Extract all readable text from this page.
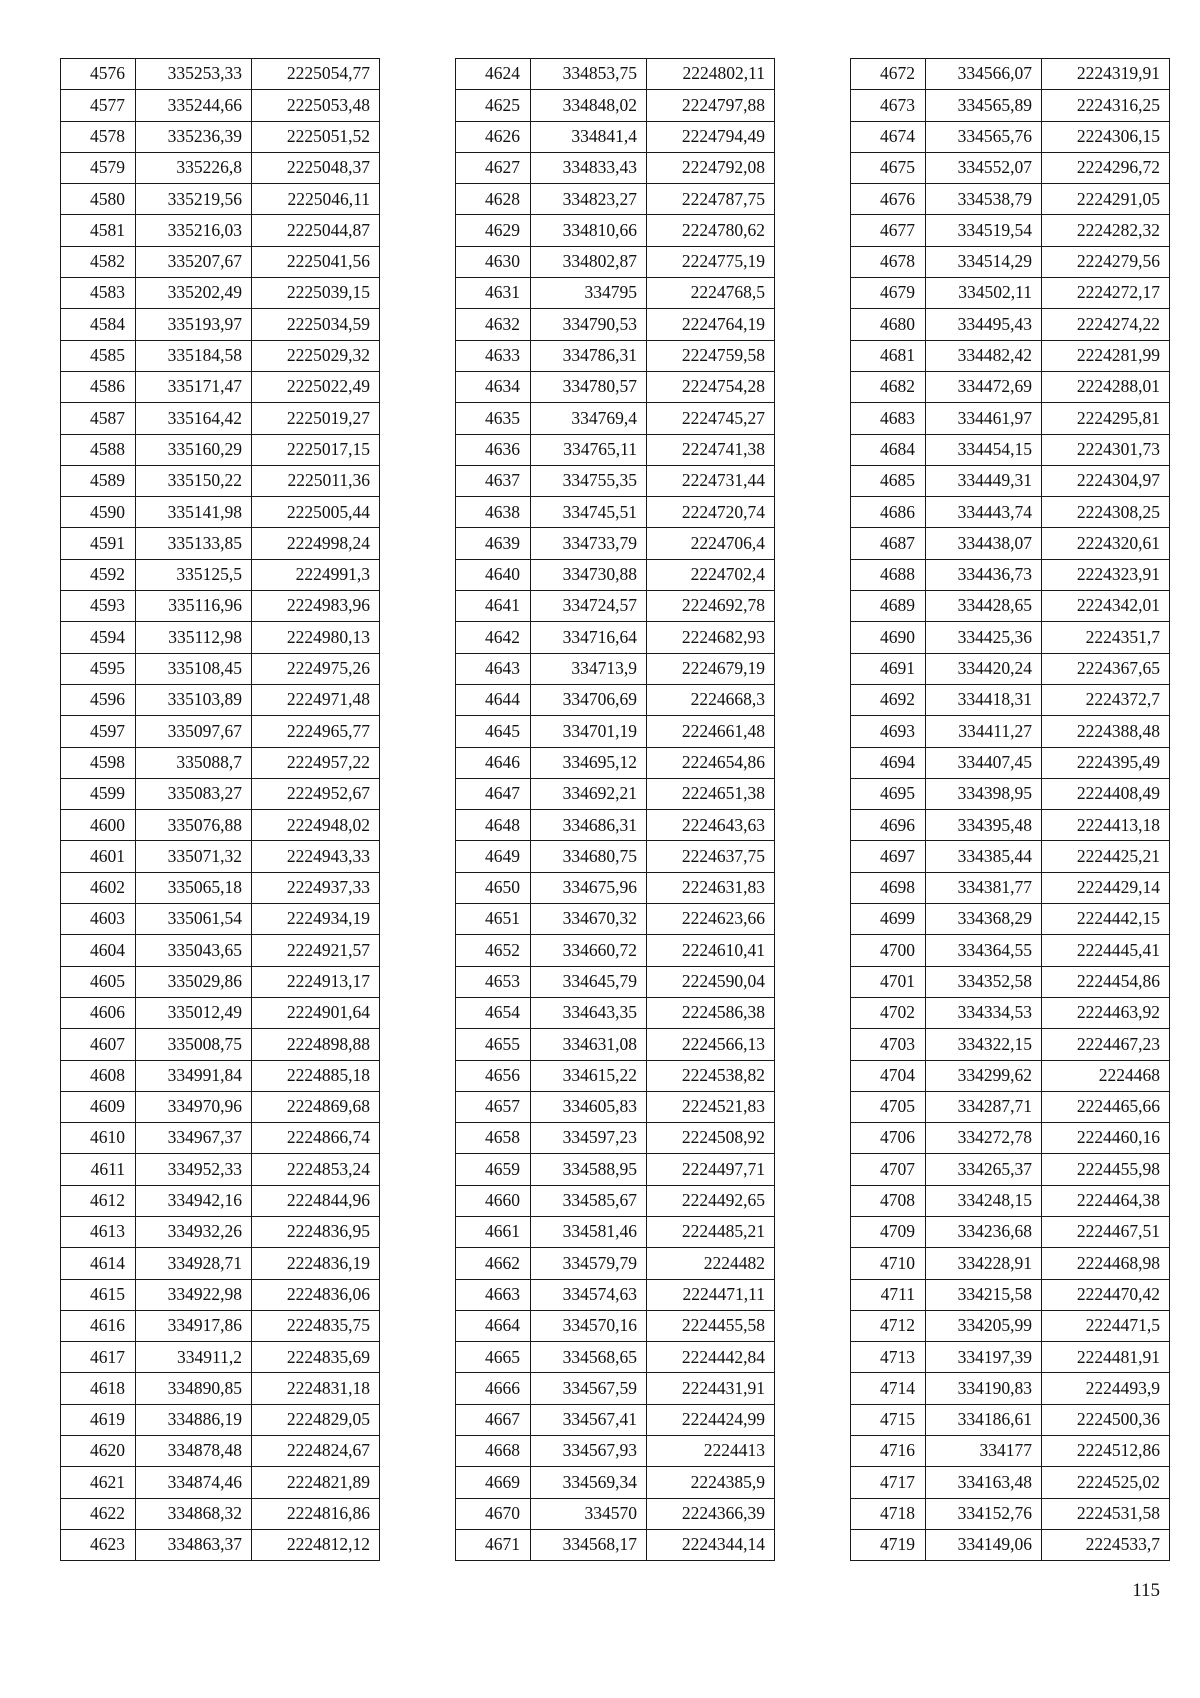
4576	335253,33	2225054,77
4577	335244,66	2225053,48
4578	335236,39	2225051,52
4579	335226,8	2225048,37
4580	335219,56	2225046,11
4581	335216,03	2225044,87
4582	335207,67	2225041,56
4583	335202,49	2225039,15
4584	335193,97	2225034,59
4585	335184,58	2225029,32
4586	335171,47	2225022,49
4587	335164,42	2225019,27
4588	335160,29	2225017,15
4589	335150,22	2225011,36
4590	335141,98	2225005,44
4591	335133,85	2224998,24
4592	335125,5	2224991,3
4593	335116,96	2224983,96
4594	335112,98	2224980,13
4595	335108,45	2224975,26
4596	335103,89	2224971,48
4597	335097,67	2224965,77
4598	335088,7	2224957,22
4599	335083,27	2224952,67
4600	335076,88	2224948,02
4601	335071,32	2224943,33
4602	335065,18	2224937,33
4603	335061,54	2224934,19
4604	335043,65	2224921,57
4605	335029,86	2224913,17
4606	335012,49	2224901,64
4607	335008,75	2224898,88
4608	334991,84	2224885,18
4609	334970,96	2224869,68
4610	334967,37	2224866,74
4611	334952,33	2224853,24
4612	334942,16	2224844,96
4613	334932,26	2224836,95
4614	334928,71	2224836,19
4615	334922,98	2224836,06
4616	334917,86	2224835,75
4617	334911,2	2224835,69
4618	334890,85	2224831,18
4619	334886,19	2224829,05
4620	334878,48	2224824,67
4621	334874,46	2224821,89
4622	334868,32	2224816,86
4623	334863,37	2224812,12
4624	334853,75	2224802,11
4625	334848,02	2224797,88
4626	334841,4	2224794,49
4627	334833,43	2224792,08
4628	334823,27	2224787,75
4629	334810,66	2224780,62
4630	334802,87	2224775,19
4631	334795	2224768,5
4632	334790,53	2224764,19
4633	334786,31	2224759,58
4634	334780,57	2224754,28
4635	334769,4	2224745,27
4636	334765,11	2224741,38
4637	334755,35	2224731,44
4638	334745,51	2224720,74
4639	334733,79	2224706,4
4640	334730,88	2224702,4
4641	334724,57	2224692,78
4642	334716,64	2224682,93
4643	334713,9	2224679,19
4644	334706,69	2224668,3
4645	334701,19	2224661,48
4646	334695,12	2224654,86
4647	334692,21	2224651,38
4648	334686,31	2224643,63
4649	334680,75	2224637,75
4650	334675,96	2224631,83
4651	334670,32	2224623,66
4652	334660,72	2224610,41
4653	334645,79	2224590,04
4654	334643,35	2224586,38
4655	334631,08	2224566,13
4656	334615,22	2224538,82
4657	334605,83	2224521,83
4658	334597,23	2224508,92
4659	334588,95	2224497,71
4660	334585,67	2224492,65
4661	334581,46	2224485,21
4662	334579,79	2224482
4663	334574,63	2224471,11
4664	334570,16	2224455,58
4665	334568,65	2224442,84
4666	334567,59	2224431,91
4667	334567,41	2224424,99
4668	334567,93	2224413
4669	334569,34	2224385,9
4670	334570	2224366,39
4671	334568,17	2224344,14
4672	334566,07	2224319,91
4673	334565,89	2224316,25
4674	334565,76	2224306,15
4675	334552,07	2224296,72
4676	334538,79	2224291,05
4677	334519,54	2224282,32
4678	334514,29	2224279,56
4679	334502,11	2224272,17
4680	334495,43	2224274,22
4681	334482,42	2224281,99
4682	334472,69	2224288,01
4683	334461,97	2224295,81
4684	334454,15	2224301,73
4685	334449,31	2224304,97
4686	334443,74	2224308,25
4687	334438,07	2224320,61
4688	334436,73	2224323,91
4689	334428,65	2224342,01
4690	334425,36	2224351,7
4691	334420,24	2224367,65
4692	334418,31	2224372,7
4693	334411,27	2224388,48
4694	334407,45	2224395,49
4695	334398,95	2224408,49
4696	334395,48	2224413,18
4697	334385,44	2224425,21
4698	334381,77	2224429,14
4699	334368,29	2224442,15
4700	334364,55	2224445,41
4701	334352,58	2224454,86
4702	334334,53	2224463,92
4703	334322,15	2224467,23
4704	334299,62	2224468
4705	334287,71	2224465,66
4706	334272,78	2224460,16
4707	334265,37	2224455,98
4708	334248,15	2224464,38
4709	334236,68	2224467,51
4710	334228,91	2224468,98
4711	334215,58	2224470,42
4712	334205,99	2224471,5
4713	334197,39	2224481,91
4714	334190,83	2224493,9
4715	334186,61	2224500,36
4716	334177	2224512,86
4717	334163,48	2224525,02
4718	334152,76	2224531,58
4719	334149,06	2224533,7
115
